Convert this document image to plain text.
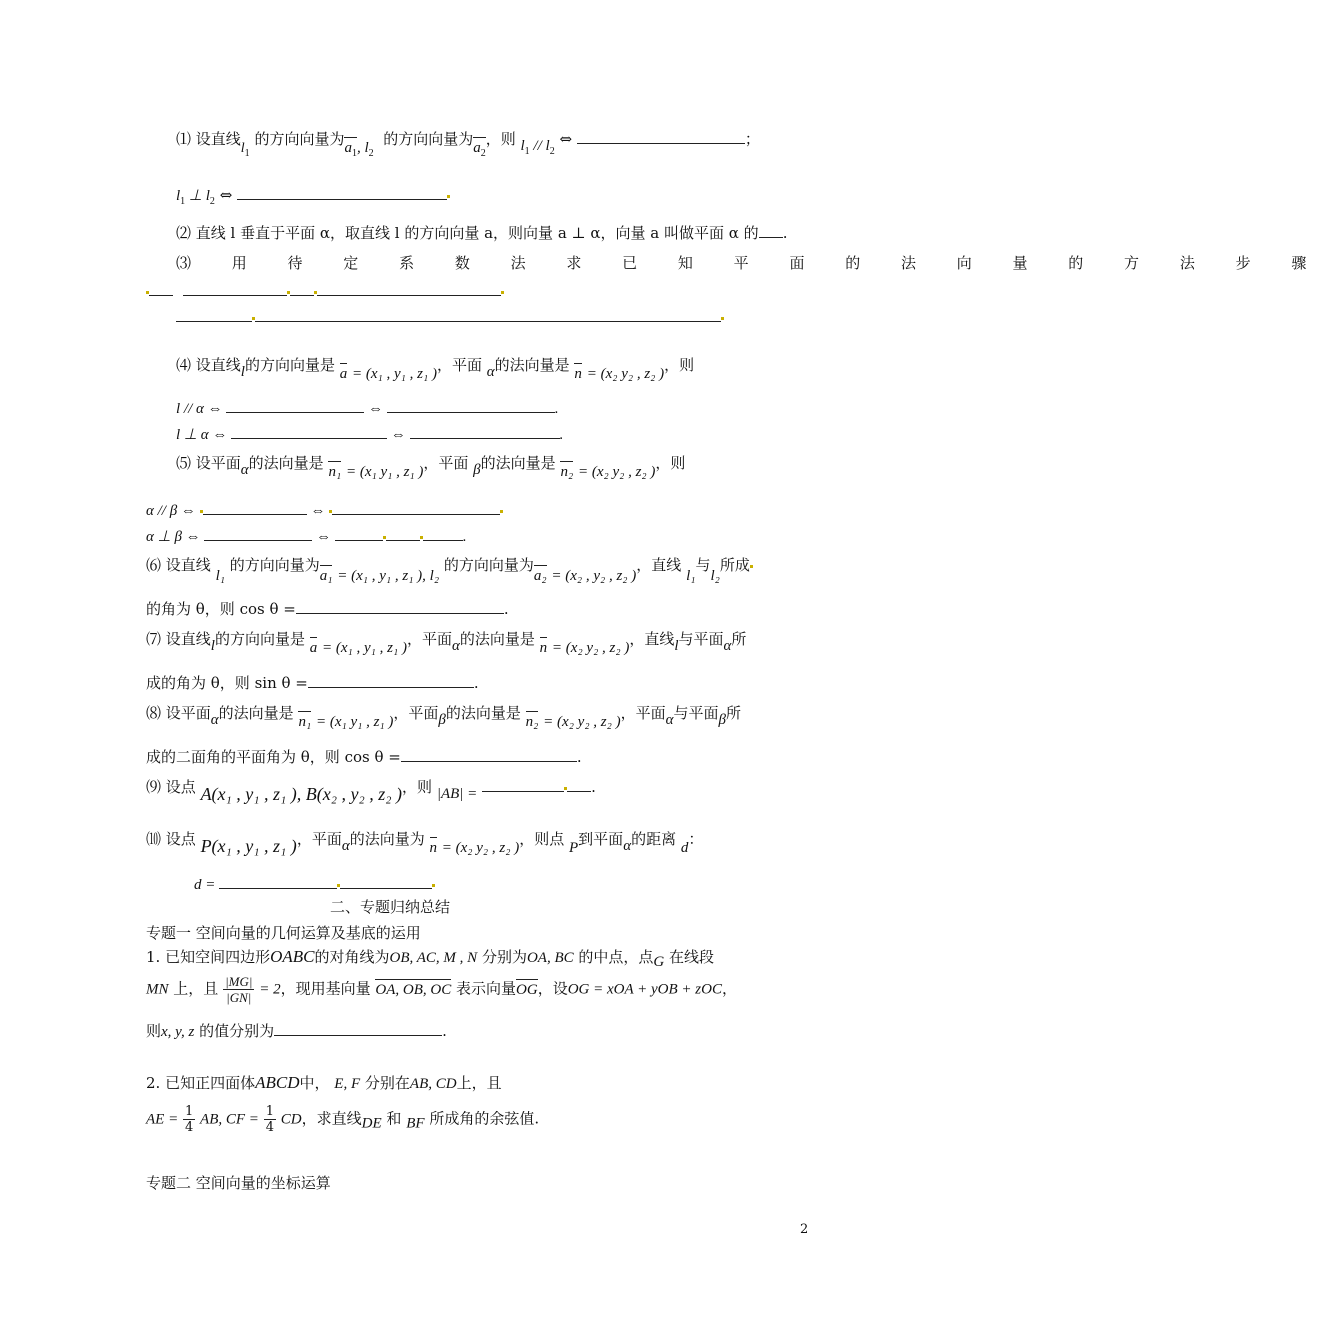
⑴ 设直线$l_1$ 的方向向量为$a_1$, $l_2$  的方向向量为$a_2$，则 $l_1 // l_2$ ⇔	；
$l_1$ ⊥ $l_2$ ⇔
⑵ 直线 l 垂直于平面 α，取直线 l 的方向向量 a，则向量 a ⊥ α，向量 a 叫做平面 α 的 .
⑶ 用 待 定 系 数 法 求 已 知 平 面 的 法 向 量 的 方 法 步 骤

⑷ 设直线l的方向向量是 a = (x₁ , y₁ , z₁ )，平面 α的法向量是 n = (x₂ y₂ , z₂ )，则
l // α ⇔	⇔	.
l ⊥ α ⇔	⇔	.
⑸ 设平面α的法向量是 n₁ = (x₁ y₁ , z₁ )，平面 β的法向量是 n₂ = (x₂ y₂ , z₂ )，则
α // β ⇔	⇔
α ⊥ β ⇔	⇔	.
⑹ 设直线 l₁ 的方向向量为a₁ = (x₁ , y₁ , z₁ ), l₂ 的方向向量为a₂ = (x₂ , y₂ , z₂ )，直线 l₁与l₂所成
的角为 θ，则 cos θ =	.
⑺ 设直线l的方向向量是 a = (x₁ , y₁ , z₁ )，平面α的法向量是 n = (x₂ y₂ , z₂ )，直线l与平面α所
成的角为 θ，则 sin θ =	.
⑻ 设平面α的法向量是 n₁ = (x₁ y₁ , z₁ )，平面β的法向量是 n₂ = (x₂ y₂ , z₂ )，平面α与平面β所
成的二面角的平面角为 θ，则 cos θ =	.
⑼ 设点 A(x₁ , y₁ , z₁ ), B(x₂ , y₂ , z₂ )，则 |AB| =	.
⑽ 设点 P(x₁ , y₁ , z₁ )，平面α的法向量为 n = (x₂ y₂ , z₂ )，则点 P到平面α的距离 d：
d =
二、专题归纳总结
专题一 空间向量的几何运算及基底的运用
1. 已知空间四边形OABC的对角线为OB, AC, M , N 分别为OA, BC 的中点，点G 在线段
MN 上，且 $\frac{|MG|}{|GN|} = 2$，现用基向量 OA, OB, OC 表示向量OG，设OG = xOA + yOB + zOC，
则x, y, z 的值分别为	.
2. 已知正四面体ABCD中， E, F 分别在AB, CD上，且
AE = $\frac{1}{4}$ AB, CF = $\frac{1}{4}$ CD，求直线DE 和 BF 所成角的余弦值.
专题二 空间向量的坐标运算
2
